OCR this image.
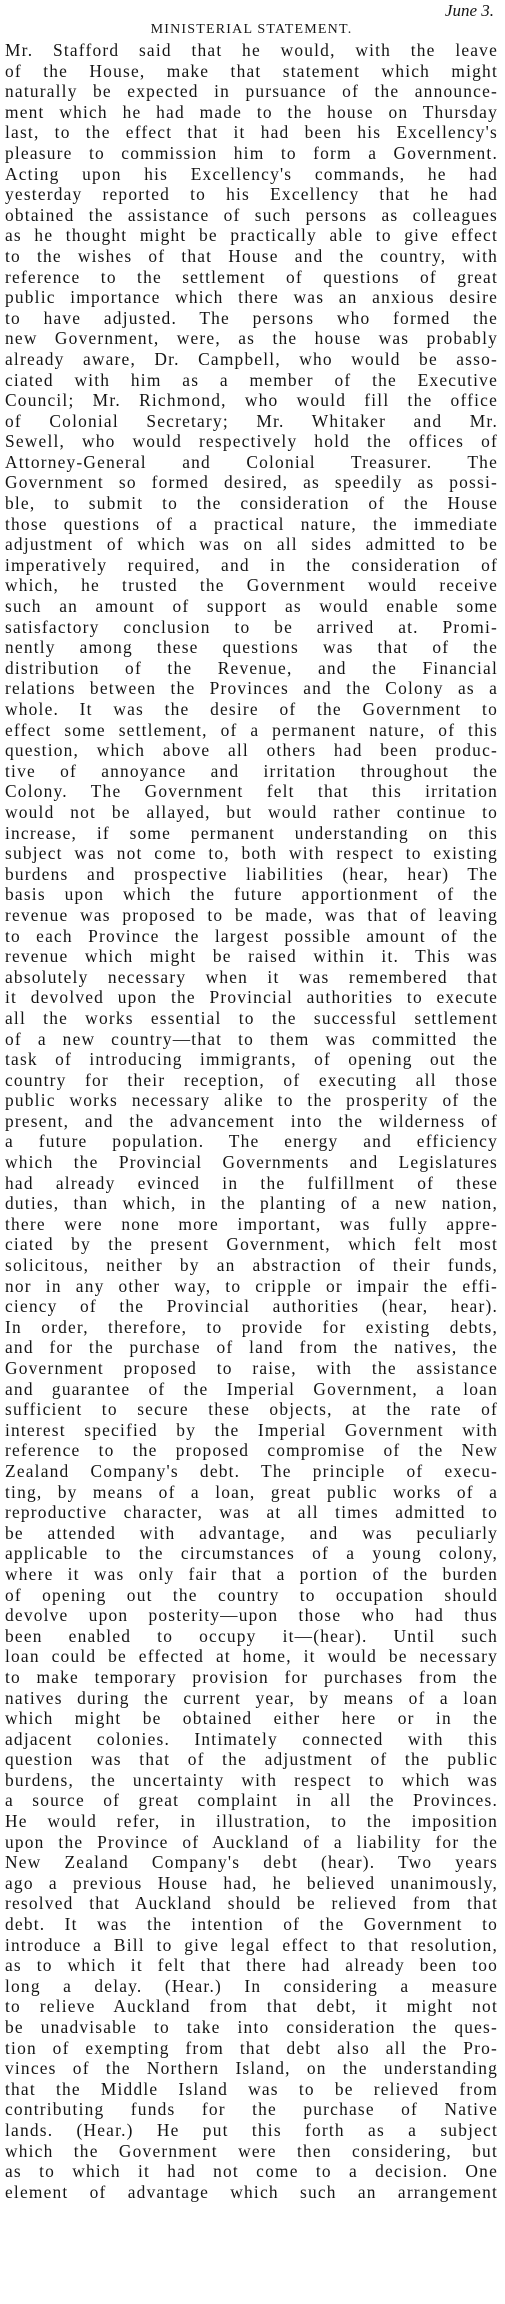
June 3.
MINISTERIAL STATEMENT.
Mr. Stafford said that he would, with the leave
of the House, make that statement which might
naturally be expected in pursuance of the announce-
ment which he had made to the house on Thursday
last, to the effect that it had been his Excellency's
pleasure to commission him to form a Government.
Acting upon his Excellency's commands, he had
yesterday reported to his Excellency that he had
obtained the assistance of such persons as colleagues
as he thought might be practically able to give effect
to the wishes of that House and the country, with
reference to the settlement of questions of great
public importance which there was an anxious desire
to have adjusted. The persons who formed the
new Government, were, as the house was probably
already aware, Dr. Campbell, who would be asso-
ciated with him as a member of the Executive
Council; Mr. Richmond, who would fill the office
of Colonial Secretary; Mr. Whitaker and Mr.
Sewell, who would respectively hold the offices of
Attorney-General and Colonial Treasurer. The
Government so formed desired, as speedily as possi-
ble, to submit to the consideration of the House
those questions of a practical nature, the immediate
adjustment of which was on all sides admitted to be
imperatively required, and in the consideration of
which, he trusted the Government would receive
such an amount of support as would enable some
satisfactory conclusion to be arrived at. Promi-
nently among these questions was that of the
distribution of the Revenue, and the Financial
relations between the Provinces and the Colony as a
whole. It was the desire of the Government to
effect some settlement, of a permanent nature, of this
question, which above all others had been produc-
tive of annoyance and irritation throughout the
Colony. The Government felt that this irritation
would not be allayed, but would rather continue to
increase, if some permanent understanding on this
subject was not come to, both with respect to existing
burdens and prospective liabilities (hear, hear) The
basis upon which the future apportionment of the
revenue was proposed to be made, was that of leaving
to each Province the largest possible amount of the
revenue which might be raised within it. This was
absolutely necessary when it was remembered that
it devolved upon the Provincial authorities to execute
all the works essential to the successful settlement
of a new country—that to them was committed the
task of introducing immigrants, of opening out the
country for their reception, of executing all those
public works necessary alike to the prosperity of the
present, and the advancement into the wilderness of
a future population. The energy and efficiency
which the Provincial Governments and Legislatures
had already evinced in the fulfillment of these
duties, than which, in the planting of a new nation,
there were none more important, was fully appre-
ciated by the present Government, which felt most
solicitous, neither by an abstraction of their funds,
nor in any other way, to cripple or impair the effi-
ciency of the Provincial authorities (hear, hear).
In order, therefore, to provide for existing debts,
and for the purchase of land from the natives, the
Government proposed to raise, with the assistance
and guarantee of the Imperial Government, a loan
sufficient to secure these objects, at the rate of
interest specified by the Imperial Government with
reference to the proposed compromise of the New
Zealand Company's debt. The principle of execu-
ting, by means of a loan, great public works of a
reproductive character, was at all times admitted to
be attended with advantage, and was peculiarly
applicable to the circumstances of a young colony,
where it was only fair that a portion of the burden
of opening out the country to occupation should
devolve upon posterity—upon those who had thus
been enabled to occupy it—(hear). Until such
loan could be effected at home, it would be necessary
to make temporary provision for purchases from the
natives during the current year, by means of a loan
which might be obtained either here or in the
adjacent colonies. Intimately connected with this
question was that of the adjustment of the public
burdens, the uncertainty with respect to which was
a source of great complaint in all the Provinces.
He would refer, in illustration, to the imposition
upon the Province of Auckland of a liability for the
New Zealand Company's debt (hear). Two years
ago a previous House had, he believed unanimously,
resolved that Auckland should be relieved from that
debt. It was the intention of the Government to
introduce a Bill to give legal effect to that resolution,
as to which it felt that there had already been too
long a delay. (Hear.) In considering a measure
to relieve Auckland from that debt, it might not
be unadvisable to take into consideration the ques-
tion of exempting from that debt also all the Pro-
vinces of the Northern Island, on the understanding
that the Middle Island was to be relieved from
contributing funds for the purchase of Native
lands. (Hear.) He put this forth as a subject
which the Government were then considering, but
as to which it had not come to a decision. One
element of advantage which such an arrangement
